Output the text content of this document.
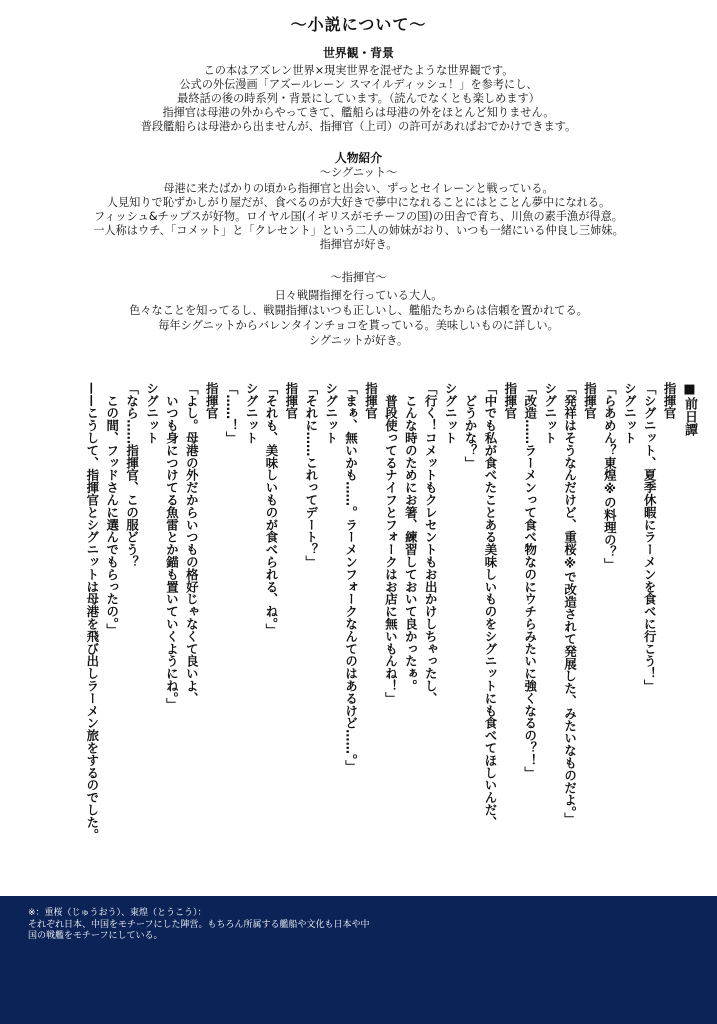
〜小説について〜
世界観・背景
この本はアズレン世界×現実世界を混ぜたような世界観です。
公式の外伝漫画「アズールレーン スマイルディッシュ！」を参考にし、
最終話の後の時系列・背景にしています。（読んでなくとも楽しめます）
指揮官は母港の外からやってきて、艦船らは母港の外をほとんど知りません。
普段艦船らは母港から出ませんが、指揮官（上司）の許可があればおでかけできます。
人物紹介
〜シグニット〜
母港に来たばかりの頃から指揮官と出会い、ずっとセイレーンと戦っている。
人見知りで恥ずかしがり屋だが、食べるのが大好きで夢中になれることにはとことん夢中になれる。
フィッシュ&チップスが好物。ロイヤル国(イギリスがモチーフの国)の田舎で育ち、川魚の素手漁が得意。
一人称はウチ、「コメット」と「クレセント」という二人の姉妹がおり、いつも一緒にいる仲良し三姉妹。
指揮官が好き。
〜指揮官〜
日々戦闘指揮を行っている大人。
色々なことを知ってるし、戦闘指揮はいつも正しいし、艦船たちからは信頼を置かれてる。
毎年シグニットからバレンタインチョコを貰っている。美味しいものに詳しい。
シグニットが好き。

■前日譚

指揮官

「シグニット、夏季休暇にラーメンを食べに行こう！」

シグニット

「らあめん？東煌※の料理の？」

指揮官

「発祥はそうなんだけど、重桜※で改造されて発展した、みたいなものだよ。」

シグニット

「改造……ラーメンって食べ物なのにウチらみたいに強くなるの？！」

指揮官

「中でも私が食べたことある美味しいものをシグニットにも食べてほしいんだ、

　どうかな？」

シグニット

「行く！コメットもクレセントもお出かけしちゃったし、

　こんな時のためにお箸、練習しておいて良かったぁ。

　普段使ってるナイフとフォークはお店に無いもんね！」

指揮官

「まぁ、無いかも……。ラーメンフォークなんてのはあるけど……。」

シグニット

「それに……これってデート？」

指揮官

「それも、美味しいものが食べられる、ね。」

シグニット

「……！」

指揮官

「よし。母港の外だからいつもの格好じゃなくて良いよ、

　いつも身につけてる魚雷とか錨も置いていくようにね。」

シグニット

「なら……指揮官、この服どう？

　この間、フッドさんに選んでもらったの。」

——こうして、指揮官とシグニットは母港を飛び出しラーメン旅をするのでした。

※：重桜（じゅうおう）、東煌（とうこう）：
それぞれ日本、中国をモチーフにした陣営。もちろん所属する艦船や文化も日本や中
国の戦艦をモチーフにしている。
